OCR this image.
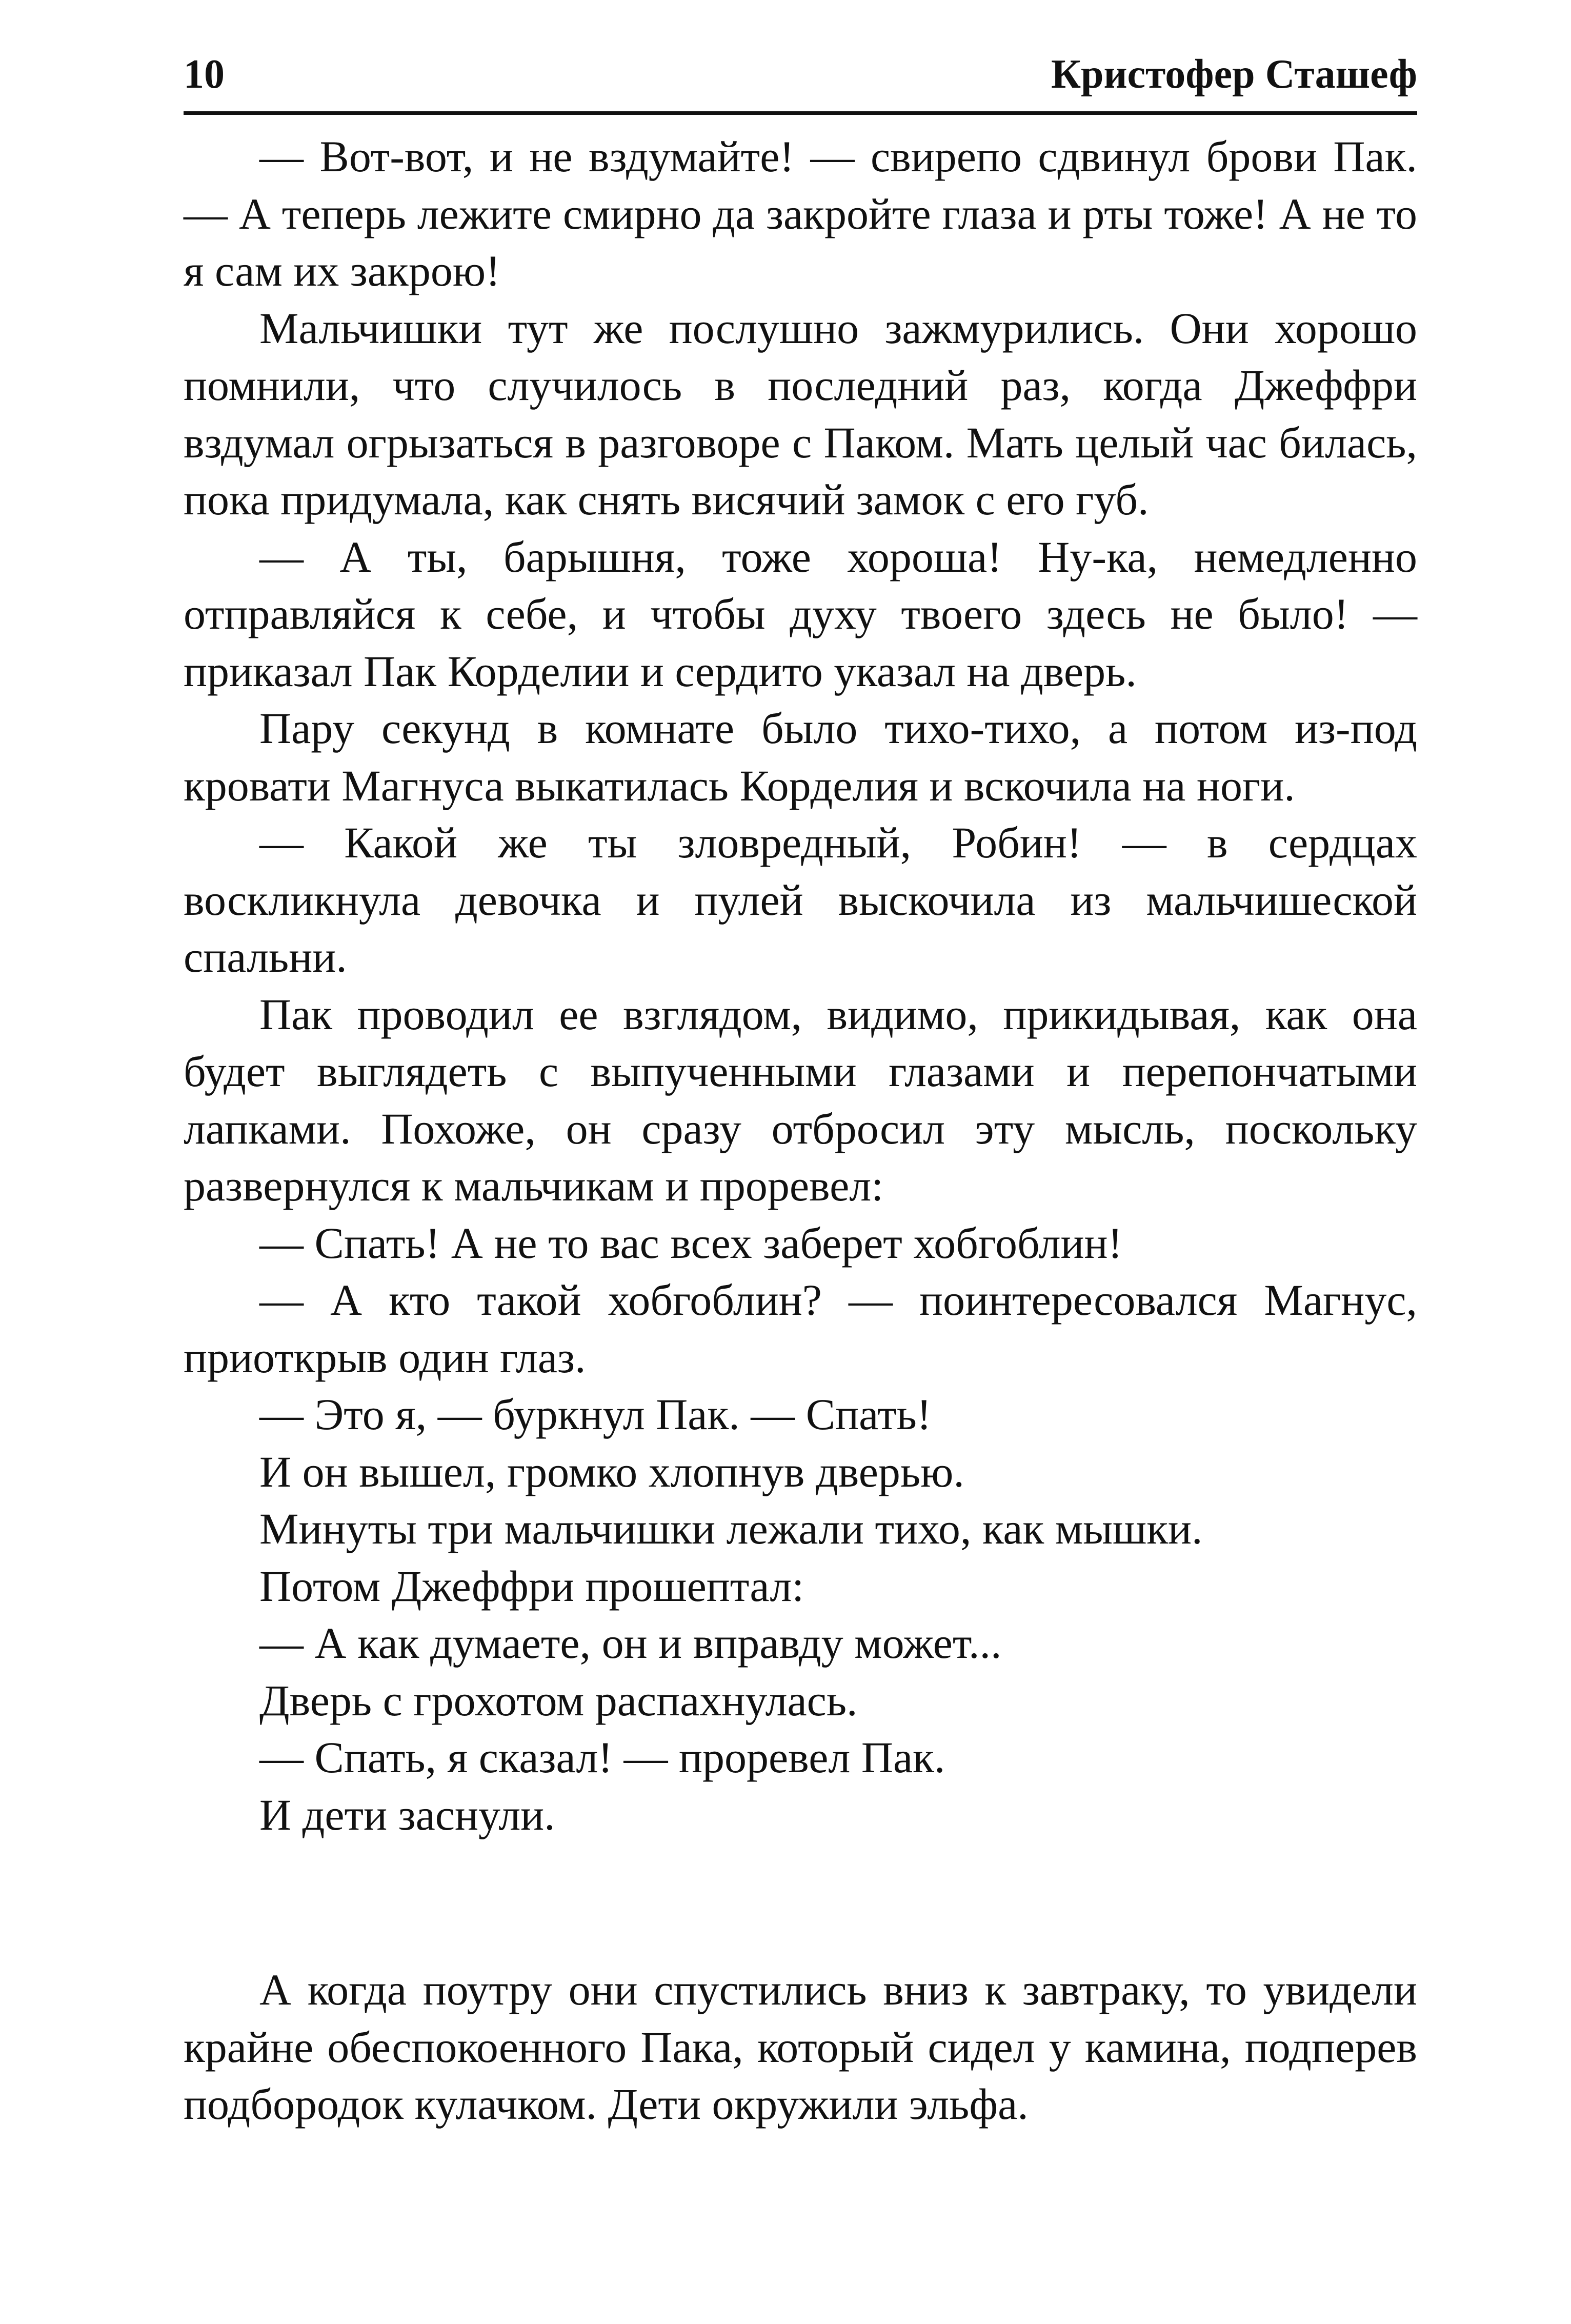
10	Кристофер Сташеф

— Вот-вот, и не вздумайте! — свирепо сдвинул брови Пак. — А теперь лежите смирно да закройте глаза и рты тоже! А не то я сам их закрою!

Мальчишки тут же послушно зажмурились. Они хорошо помнили, что случилось в последний раз, когда Джеффри вздумал огрызаться в разговоре с Паком. Мать целый час билась, пока придумала, как снять висячий замок с его губ.

— А ты, барышня, тоже хороша! Ну-ка, немедленно отправляйся к себе, и чтобы духу твоего здесь не было! — приказал Пак Корделии и сердито указал на дверь.

Пару секунд в комнате было тихо-тихо, а потом из-под кровати Магнуса выкатилась Корделия и вскочила на ноги.

— Какой же ты зловредный, Робин! — в сердцах воскликнула девочка и пулей выскочила из мальчишеской спальни.

Пак проводил ее взглядом, видимо, прикидывая, как она будет выглядеть с выпученными глазами и перепончатыми лапками. Похоже, он сразу отбросил эту мысль, поскольку развернулся к мальчикам и проревел:

— Спать! А не то вас всех заберет хобгоблин!

— А кто такой хобгоблин? — поинтересовался Магнус, приоткрыв один глаз.

— Это я, — буркнул Пак. — Спать!

И он вышел, громко хлопнув дверью.

Минуты три мальчишки лежали тихо, как мышки.

Потом Джеффри прошептал:

— А как думаете, он и вправду может...

Дверь с грохотом распахнулась.

— Спать, я сказал! — проревел Пак.

И дети заснули.

А когда поутру они спустились вниз к завтраку, то увидели крайне обеспокоенного Пака, который сидел у камина, подперев подбородок кулачком. Дети окружили эльфа.
